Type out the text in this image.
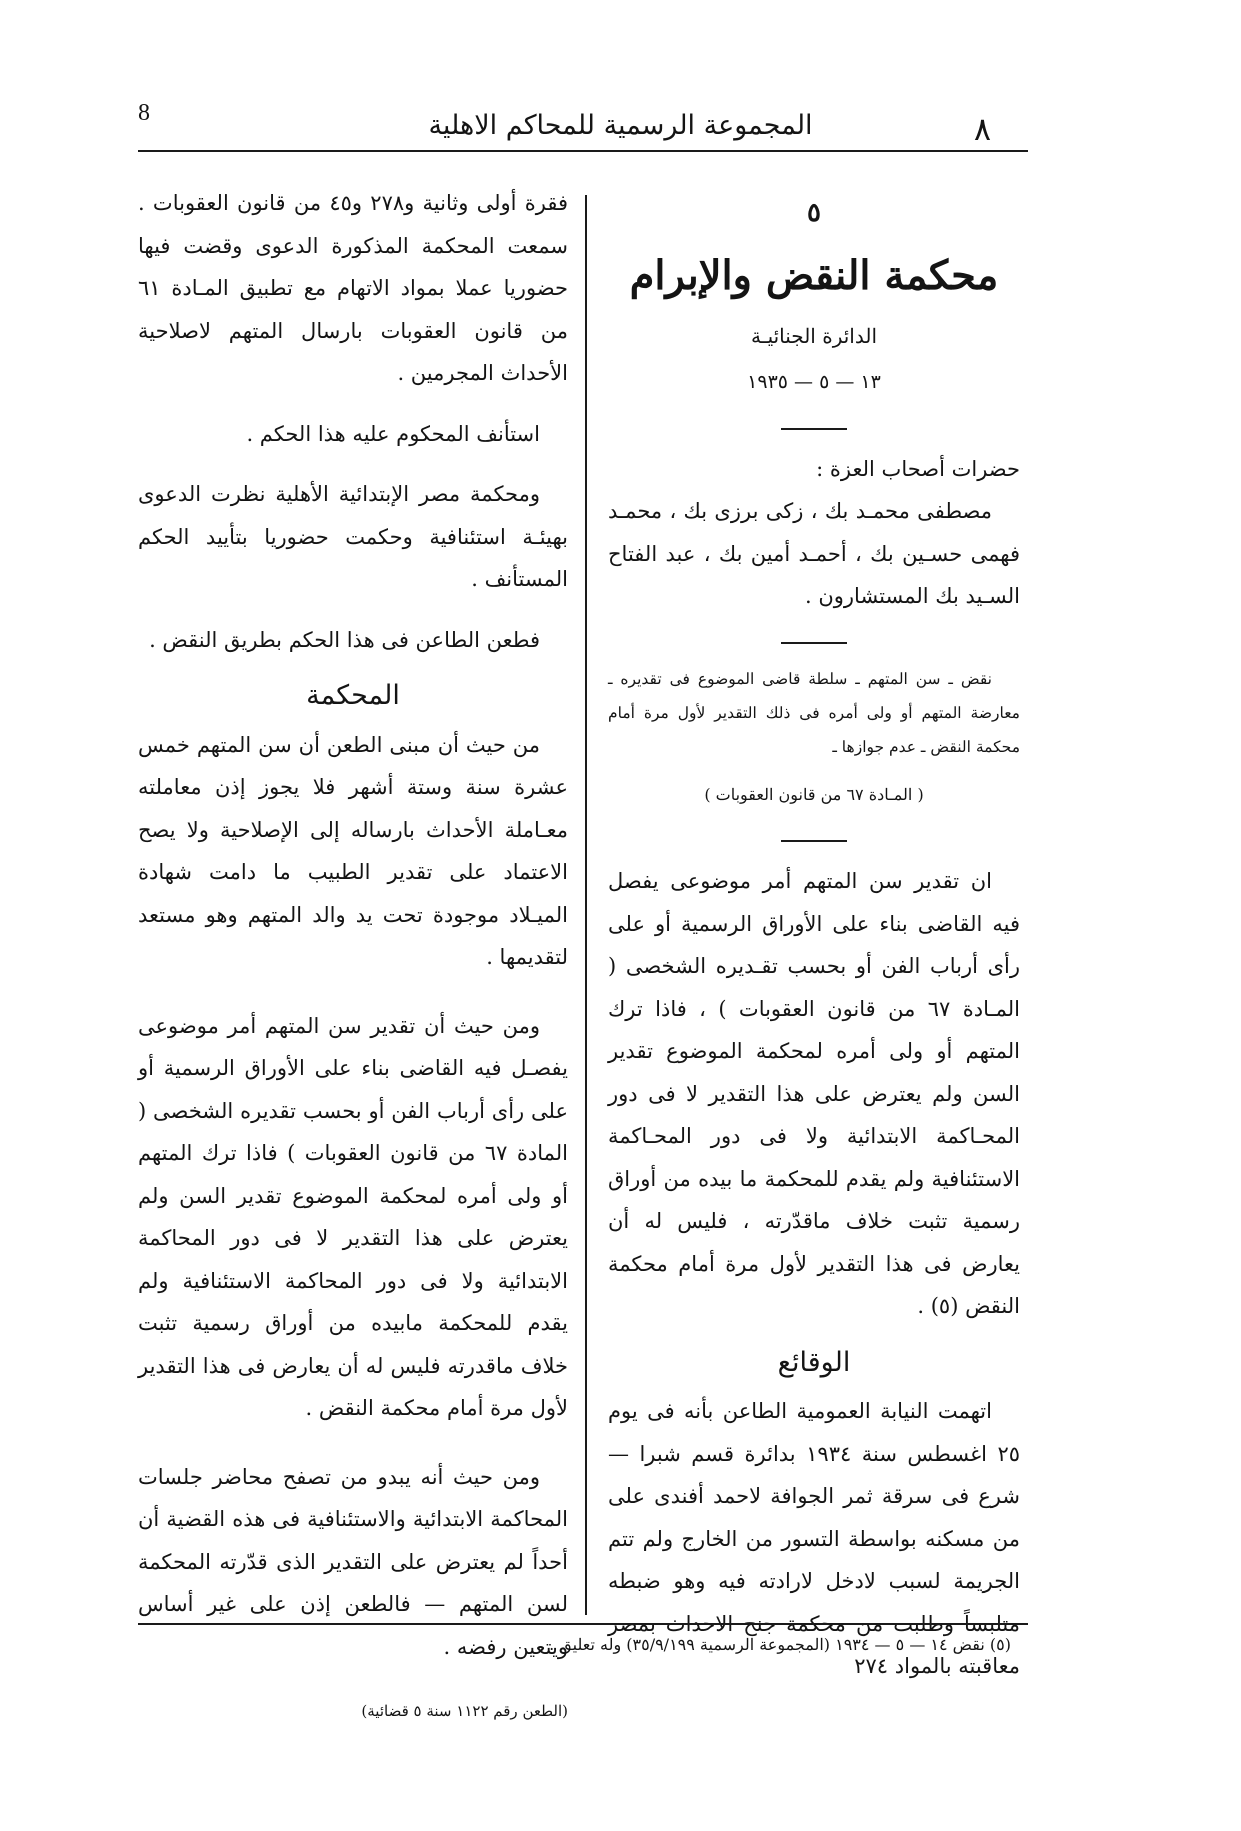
8	المجموعة الرسمية للمحاكم الاهلية	٨
٥
محكمة النقض والإبرام
الدائرة الجنائيـة
١٣ — ٥ — ١٩٣٥

حضرات أصحاب العزة :

مصطفى محمـد بك ، زكى برزى بك ، محمـد فهمى حسـين بك ، أحمـد أمين بك ، عبد الفتاح السـيد بك المستشارون .

نقض ـ سن المتهم ـ سلطة قاضى الموضوع فى تقديره ـ معارضة المتهم أو ولى أمره فى ذلك التقدير لأول مرة أمام محكمة النقض ـ عدم جوازها ـ

( المـادة ٦٧ من قانون العقوبات )

ان تقدير سن المتهم أمر موضوعى يفصل فيه القاضى بناء على الأوراق الرسمية أو على رأى أرباب الفن أو بحسب تقـديره الشخصى ( المـادة ٦٧ من قانون العقوبات ) ، فاذا ترك المتهم أو ولى أمره لمحكمة الموضوع تقدير السن ولم يعترض على هذا التقدير لا فى دور المحـاكمة الابتدائية ولا فى دور المحـاكمة الاستئنافية ولم يقدم للمحكمة ما بيده من أوراق رسمية تثبت خلاف ماقدّرته ، فليس له أن يعارض فى هذا التقدير لأول مرة أمام محكمة النقض (٥) .

الوقائع

اتهمت النيابة العمومية الطاعن بأنه فى يوم ٢٥ اغسطس سنة ١٩٣٤ بدائرة قسم شبرا — شرع فى سرقة ثمر الجوافة لاحمد أفندى على من مسكنه بواسطة التسور من الخارج ولم تتم الجريمة لسبب لادخل لارادته فيه وهو ضبطه متلبساً وطلبت من محكمة جنح الاحداث بمصر معاقبته بالمواد ٢٧٤

فقرة أولى وثانية و٢٧٨ و٤٥ من قانون العقوبات . سمعت المحكمة المذكورة الدعوى وقضت فيها حضوريا عملا بمواد الاتهام مع تطبيق المـادة ٦١ من قانون العقوبات بارسال المتهم لاصلاحية الأحداث المجرمين .

استأنف المحكوم عليه هذا الحكم .

ومحكمة مصر الإبتدائية الأهلية نظرت الدعوى بهيئـة استئنافية وحكمت حضوريا بتأييد الحكم المستأنف .

فطعن الطاعن فى هذا الحكم بطريق النقض .

المحكمة

من حيث أن مبنى الطعن أن سن المتهم خمس عشرة سنة وستة أشهر فلا يجوز إذن معاملته معـاملة الأحداث بارساله إلى الإصلاحية ولا يصح الاعتماد على تقدير الطبيب ما دامت شهادة الميـلاد موجودة تحت يد والد المتهم وهو مستعد لتقديمها .

ومن حيث أن تقدير سن المتهم أمر موضوعى يفصـل فيه القاضى بناء على الأوراق الرسمية أو على رأى أرباب الفن أو بحسب تقديره الشخصى ( المادة ٦٧ من قانون العقوبات ) فاذا ترك المتهم أو ولى أمره لمحكمة الموضوع تقدير السن ولم يعترض على هذا التقدير لا فى دور المحاكمة الابتدائية ولا فى دور المحاكمة الاستئنافية ولم يقدم للمحكمة مابيده من أوراق رسمية تثبت خلاف ماقدرته فليس له أن يعارض فى هذا التقدير لأول مرة أمام محكمة النقض .

ومن حيث أنه يبدو من تصفح محاضر جلسات المحاكمة الابتدائية والاستئنافية فى هذه القضية أن أحداً لم يعترض على التقدير الذى قدّرته المحكمة لسن المتهم — فالطعن إذن على غير أساس ويتعين رفضه .

(الطعن رقم ١١٢٢ سنة ٥ قضائية)

(٥) نقض ١٤ — ٥ — ١٩٣٤ (المجموعة الرسمية ٣٥/٩/١٩٩) وله تعليق .
